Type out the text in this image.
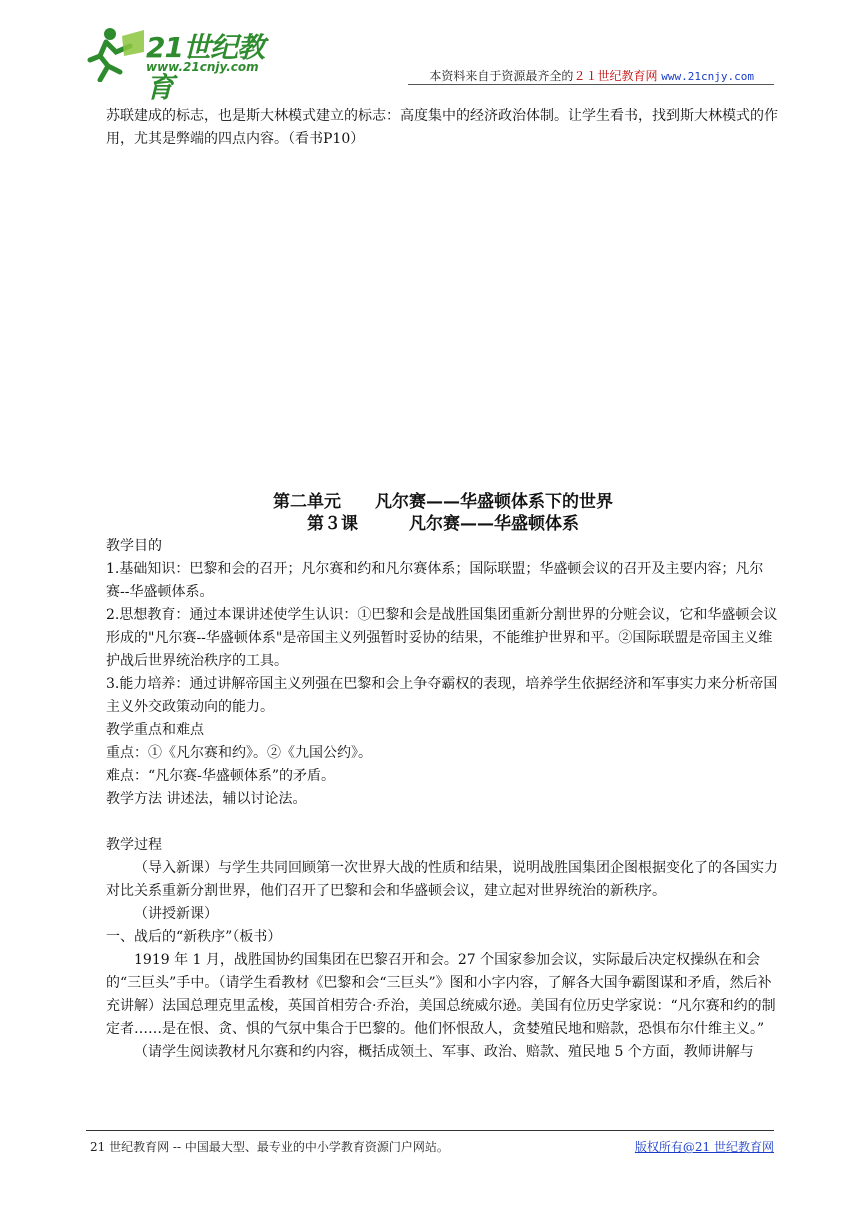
21世纪教育
www.21cnjy.com
本资料来自于资源最齐全的２１世纪教育网 www.21cnjy.com

苏联建成的标志，也是斯大林模式建立的标志：高度集中的经济政治体制。让学生看书，找到斯大林模式的作用，尤其是弊端的四点内容。（看书P10）

第二单元　　凡尔赛——华盛顿体系下的世界

第３课　　　凡尔赛——华盛顿体系

教学目的

1.基础知识：巴黎和会的召开；凡尔赛和约和凡尔赛体系；国际联盟；华盛顿会议的召开及主要内容；凡尔赛--华盛顿体系。

2.思想教育：通过本课讲述使学生认识：①巴黎和会是战胜国集团重新分割世界的分赃会议，它和华盛顿会议形成的"凡尔赛--华盛顿体系"是帝国主义列强暂时妥协的结果，不能维护世界和平。②国际联盟是帝国主义维护战后世界统治秩序的工具。

3.能力培养：通过讲解帝国主义列强在巴黎和会上争夺霸权的表现，培养学生依据经济和军事实力来分析帝国主义外交政策动向的能力。

教学重点和难点

重点：①《凡尔赛和约》。②《九国公约》。

难点：“凡尔赛-华盛顿体系”的矛盾。

教学方法 讲述法，辅以讨论法。

教学过程

（导入新课）与学生共同回顾第一次世界大战的性质和结果，说明战胜国集团企图根据变化了的各国实力对比关系重新分割世界，他们召开了巴黎和会和华盛顿会议，建立起对世界统治的新秩序。

（讲授新课）

一、战后的“新秩序”（板书）

1919 年 1 月，战胜国协约国集团在巴黎召开和会。27 个国家参加会议，实际最后决定权操纵在和会的“三巨头”手中。（请学生看教材《巴黎和会“三巨头”》图和小字内容，了解各大国争霸图谋和矛盾，然后补充讲解）法国总理克里孟梭，英国首相劳合·乔治，美国总统威尔逊。美国有位历史学家说：“凡尔赛和约的制定者……是在恨、贪、惧的气氛中集合于巴黎的。他们怀恨敌人，贪婪殖民地和赔款，恐惧布尔什维主义。”

（请学生阅读教材凡尔赛和约内容，概括成领土、军事、政治、赔款、殖民地 5 个方面，教师讲解与

21 世纪教育网 -- 中国最大型、最专业的中小学教育资源门户网站。	版权所有@21 世纪教育网
